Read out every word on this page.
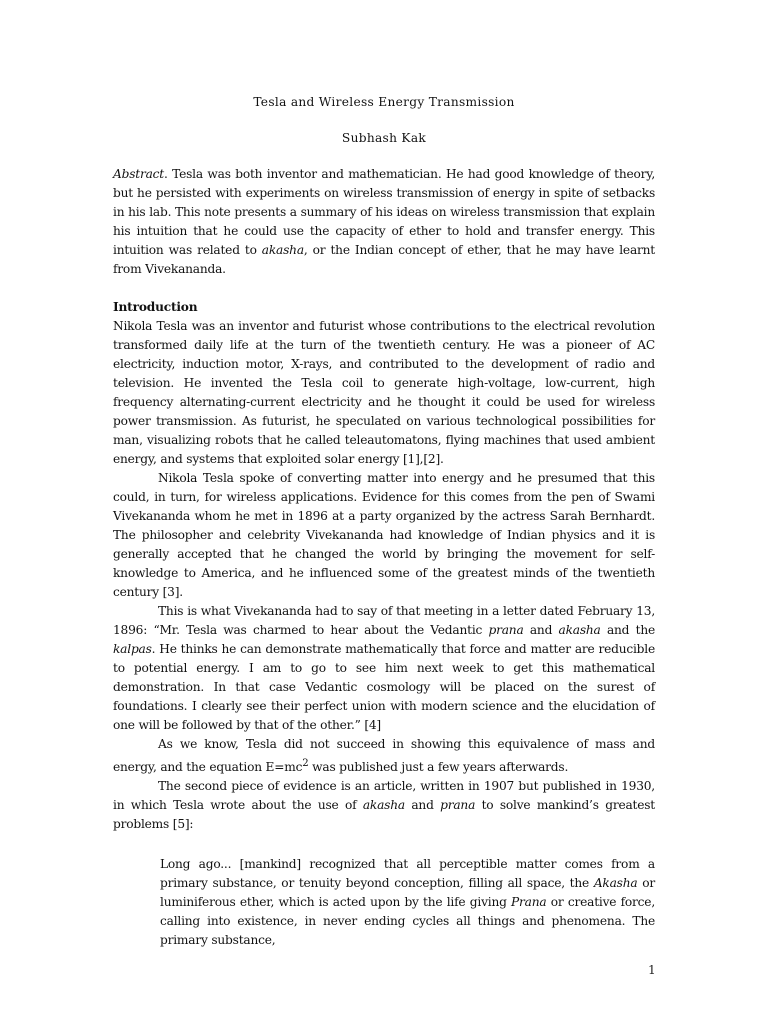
Tesla and Wireless Energy Transmission
Subhash Kak

Abstract. Tesla was both inventor and mathematician. He had good knowledge of theory, but he persisted with experiments on wireless transmission of energy in spite of setbacks in his lab. This note presents a summary of his ideas on wireless transmission that explain his intuition that he could use the capacity of ether to hold and transfer energy. This intuition was related to akasha, or the Indian concept of ether, that he may have learnt from Vivekananda.

Introduction

Nikola Tesla was an inventor and futurist whose contributions to the electrical revolution transformed daily life at the turn of the twentieth century. He was a pioneer of AC electricity, induction motor, X-rays, and contributed to the development of radio and television. He invented the Tesla coil to generate high-voltage, low-current, high frequency alternating-current electricity and he thought it could be used for wireless power transmission. As futurist, he speculated on various technological possibilities for man, visualizing robots that he called teleautomatons, flying machines that used ambient energy, and systems that exploited solar energy [1],[2].

Nikola Tesla spoke of converting matter into energy and he presumed that this could, in turn, for wireless applications. Evidence for this comes from the pen of Swami Vivekananda whom he met in 1896 at a party organized by the actress Sarah Bernhardt. The philosopher and celebrity Vivekananda had knowledge of Indian physics and it is generally accepted that he changed the world by bringing the movement for self-knowledge to America, and he influenced some of the greatest minds of the twentieth century [3].

This is what Vivekananda had to say of that meeting in a letter dated February 13, 1896: “Mr. Tesla was charmed to hear about the Vedantic prana and akasha and the kalpas. He thinks he can demonstrate mathematically that force and matter are reducible to potential energy. I am to go to see him next week to get this mathematical demonstration. In that case Vedantic cosmology will be placed on the surest of foundations. I clearly see their perfect union with modern science and the elucidation of one will be followed by that of the other.” [4]

As we know, Tesla did not succeed in showing this equivalence of mass and energy, and the equation $E=mc^2$ was published just a few years afterwards.

The second piece of evidence is an article, written in 1907 but published in 1930, in which Tesla wrote about the use of akasha and prana to solve mankind’s greatest problems [5]:

Long ago... [mankind] recognized that all perceptible matter comes from a primary substance, or tenuity beyond conception, filling all space, the Akasha or luminiferous ether, which is acted upon by the life giving Prana or creative force, calling into existence, in never ending cycles all things and phenomena. The primary substance,

1
